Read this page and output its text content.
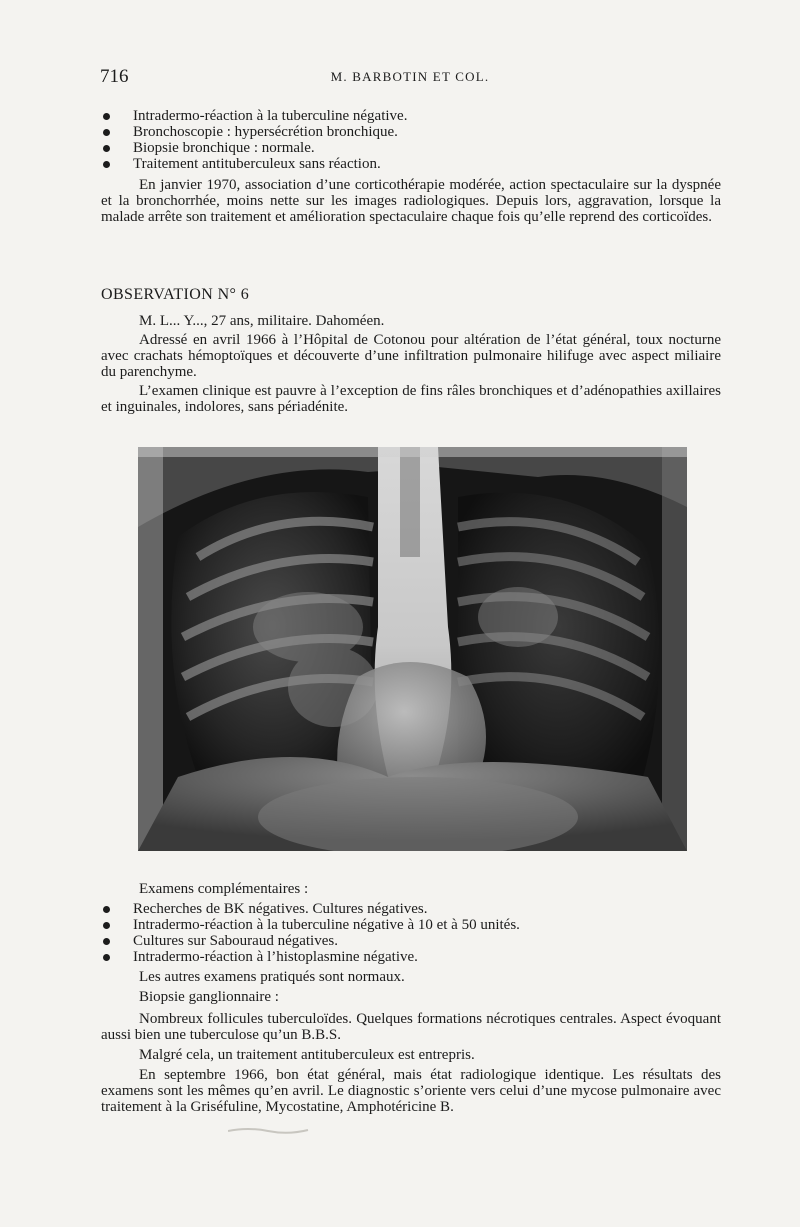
716	M. BARBOTIN ET COL.
Intradermo-réaction à la tuberculine négative.
Bronchoscopie : hypersécrétion bronchique.
Biopsie bronchique : normale.
Traitement antituberculeux sans réaction.

En janvier 1970, association d’une corticothérapie modérée, action spectaculaire sur la dyspnée et la bronchorrhée, moins nette sur les images radiologiques. Depuis lors, aggravation, lorsque la malade arrête son traitement et amélioration spectaculaire chaque fois qu’elle reprend des corticoïdes.

OBSERVATION N° 6

M. L... Y..., 27 ans, militaire. Dahoméen.

Adressé en avril 1966 à l’Hôpital de Cotonou pour altération de l’état général, toux nocturne avec crachats hémoptoïques et découverte d’une infiltration pulmonaire hilifuge avec aspect miliaire du parenchyme.

L’examen clinique est pauvre à l’exception de fins râles bronchiques et d’adénopathies axillaires et inguinales, indolores, sans périadénite.

Examens complémentaires :

Recherches de BK négatives. Cultures négatives.
Intradermo-réaction à la tuberculine négative à 10 et à 50 unités.
Cultures sur Sabouraud négatives.
Intradermo-réaction à l’histoplasmine négative.

Les autres examens pratiqués sont normaux.

Biopsie ganglionnaire :

Nombreux follicules tuberculoïdes. Quelques formations nécrotiques centrales. Aspect évoquant aussi bien une tuberculose qu’un B.B.S.

Malgré cela, un traitement antituberculeux est entrepris.

En septembre 1966, bon état général, mais état radiologique identique. Les résultats des examens sont les mêmes qu’en avril. Le diagnostic s’oriente vers celui d’une mycose pulmonaire avec traitement à la Griséfuline, Mycostatine, Amphotéricine B.
